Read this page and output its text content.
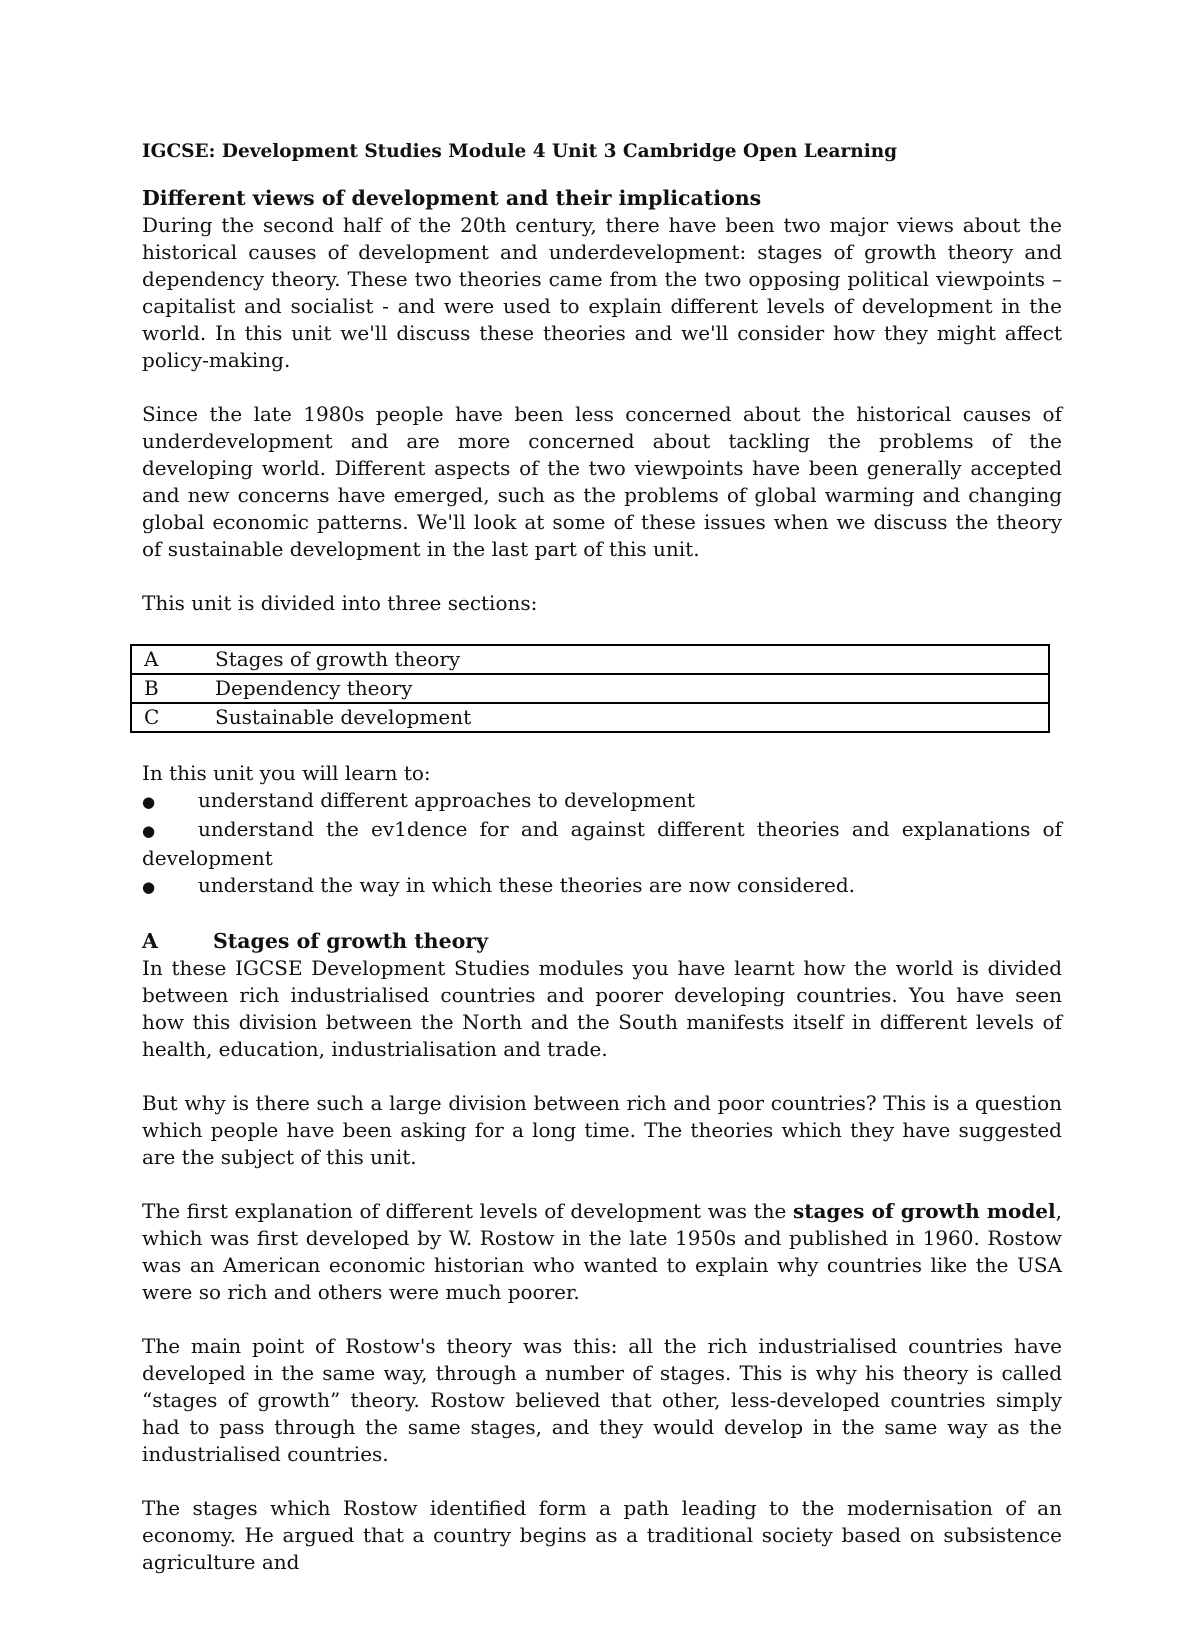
IGCSE: Development Studies Module 4 Unit 3 Cambridge Open Learning
Different views of development and their implications

During the second half of the 20th century, there have been two major views about the historical causes of development and underdevelopment: stages of growth theory and dependency theory. These two theories came from the two opposing political viewpoints – capitalist and socialist - and were used to explain different levels of development in the world. In this unit we'll discuss these theories and we'll consider how they might affect policy-making.

Since the late 1980s people have been less concerned about the historical causes of underdevelopment and are more concerned about tackling the problems of the developing world. Different aspects of the two viewpoints have been generally accepted and new concerns have emerged, such as the problems of global warming and changing global economic patterns. We'll look at some of these issues when we discuss the theory of sustainable development in the last part of this unit.

This unit is divided into three sections:

A	Stages of growth theory
B	Dependency theory
C	Sustainable development

In this unit you will learn to:

● understand different approaches to development
● understand the ev1dence for and against different theories and explanations of development
● understand the way in which these theories are now considered.
A	Stages of growth theory

In these IGCSE Development Studies modules you have learnt how the world is divided between rich industrialised countries and poorer developing countries. You have seen how this division between the North and the South manifests itself in different levels of health, education, industrialisation and trade.

But why is there such a large division between rich and poor countries? This is a question which people have been asking for a long time. The theories which they have suggested are the subject of this unit.

The first explanation of different levels of development was the stages of growth model, which was first developed by W. Rostow in the late 1950s and published in 1960. Rostow was an American economic historian who wanted to explain why countries like the USA were so rich and others were much poorer.

The main point of Rostow's theory was this: all the rich industrialised countries have developed in the same way, through a number of stages. This is why his theory is called “stages of growth” theory. Rostow believed that other, less-developed countries simply had to pass through the same stages, and they would develop in the same way as the industrialised countries.

The stages which Rostow identified form a path leading to the modernisation of an economy. He argued that a country begins as a traditional society based on subsistence agriculture and
